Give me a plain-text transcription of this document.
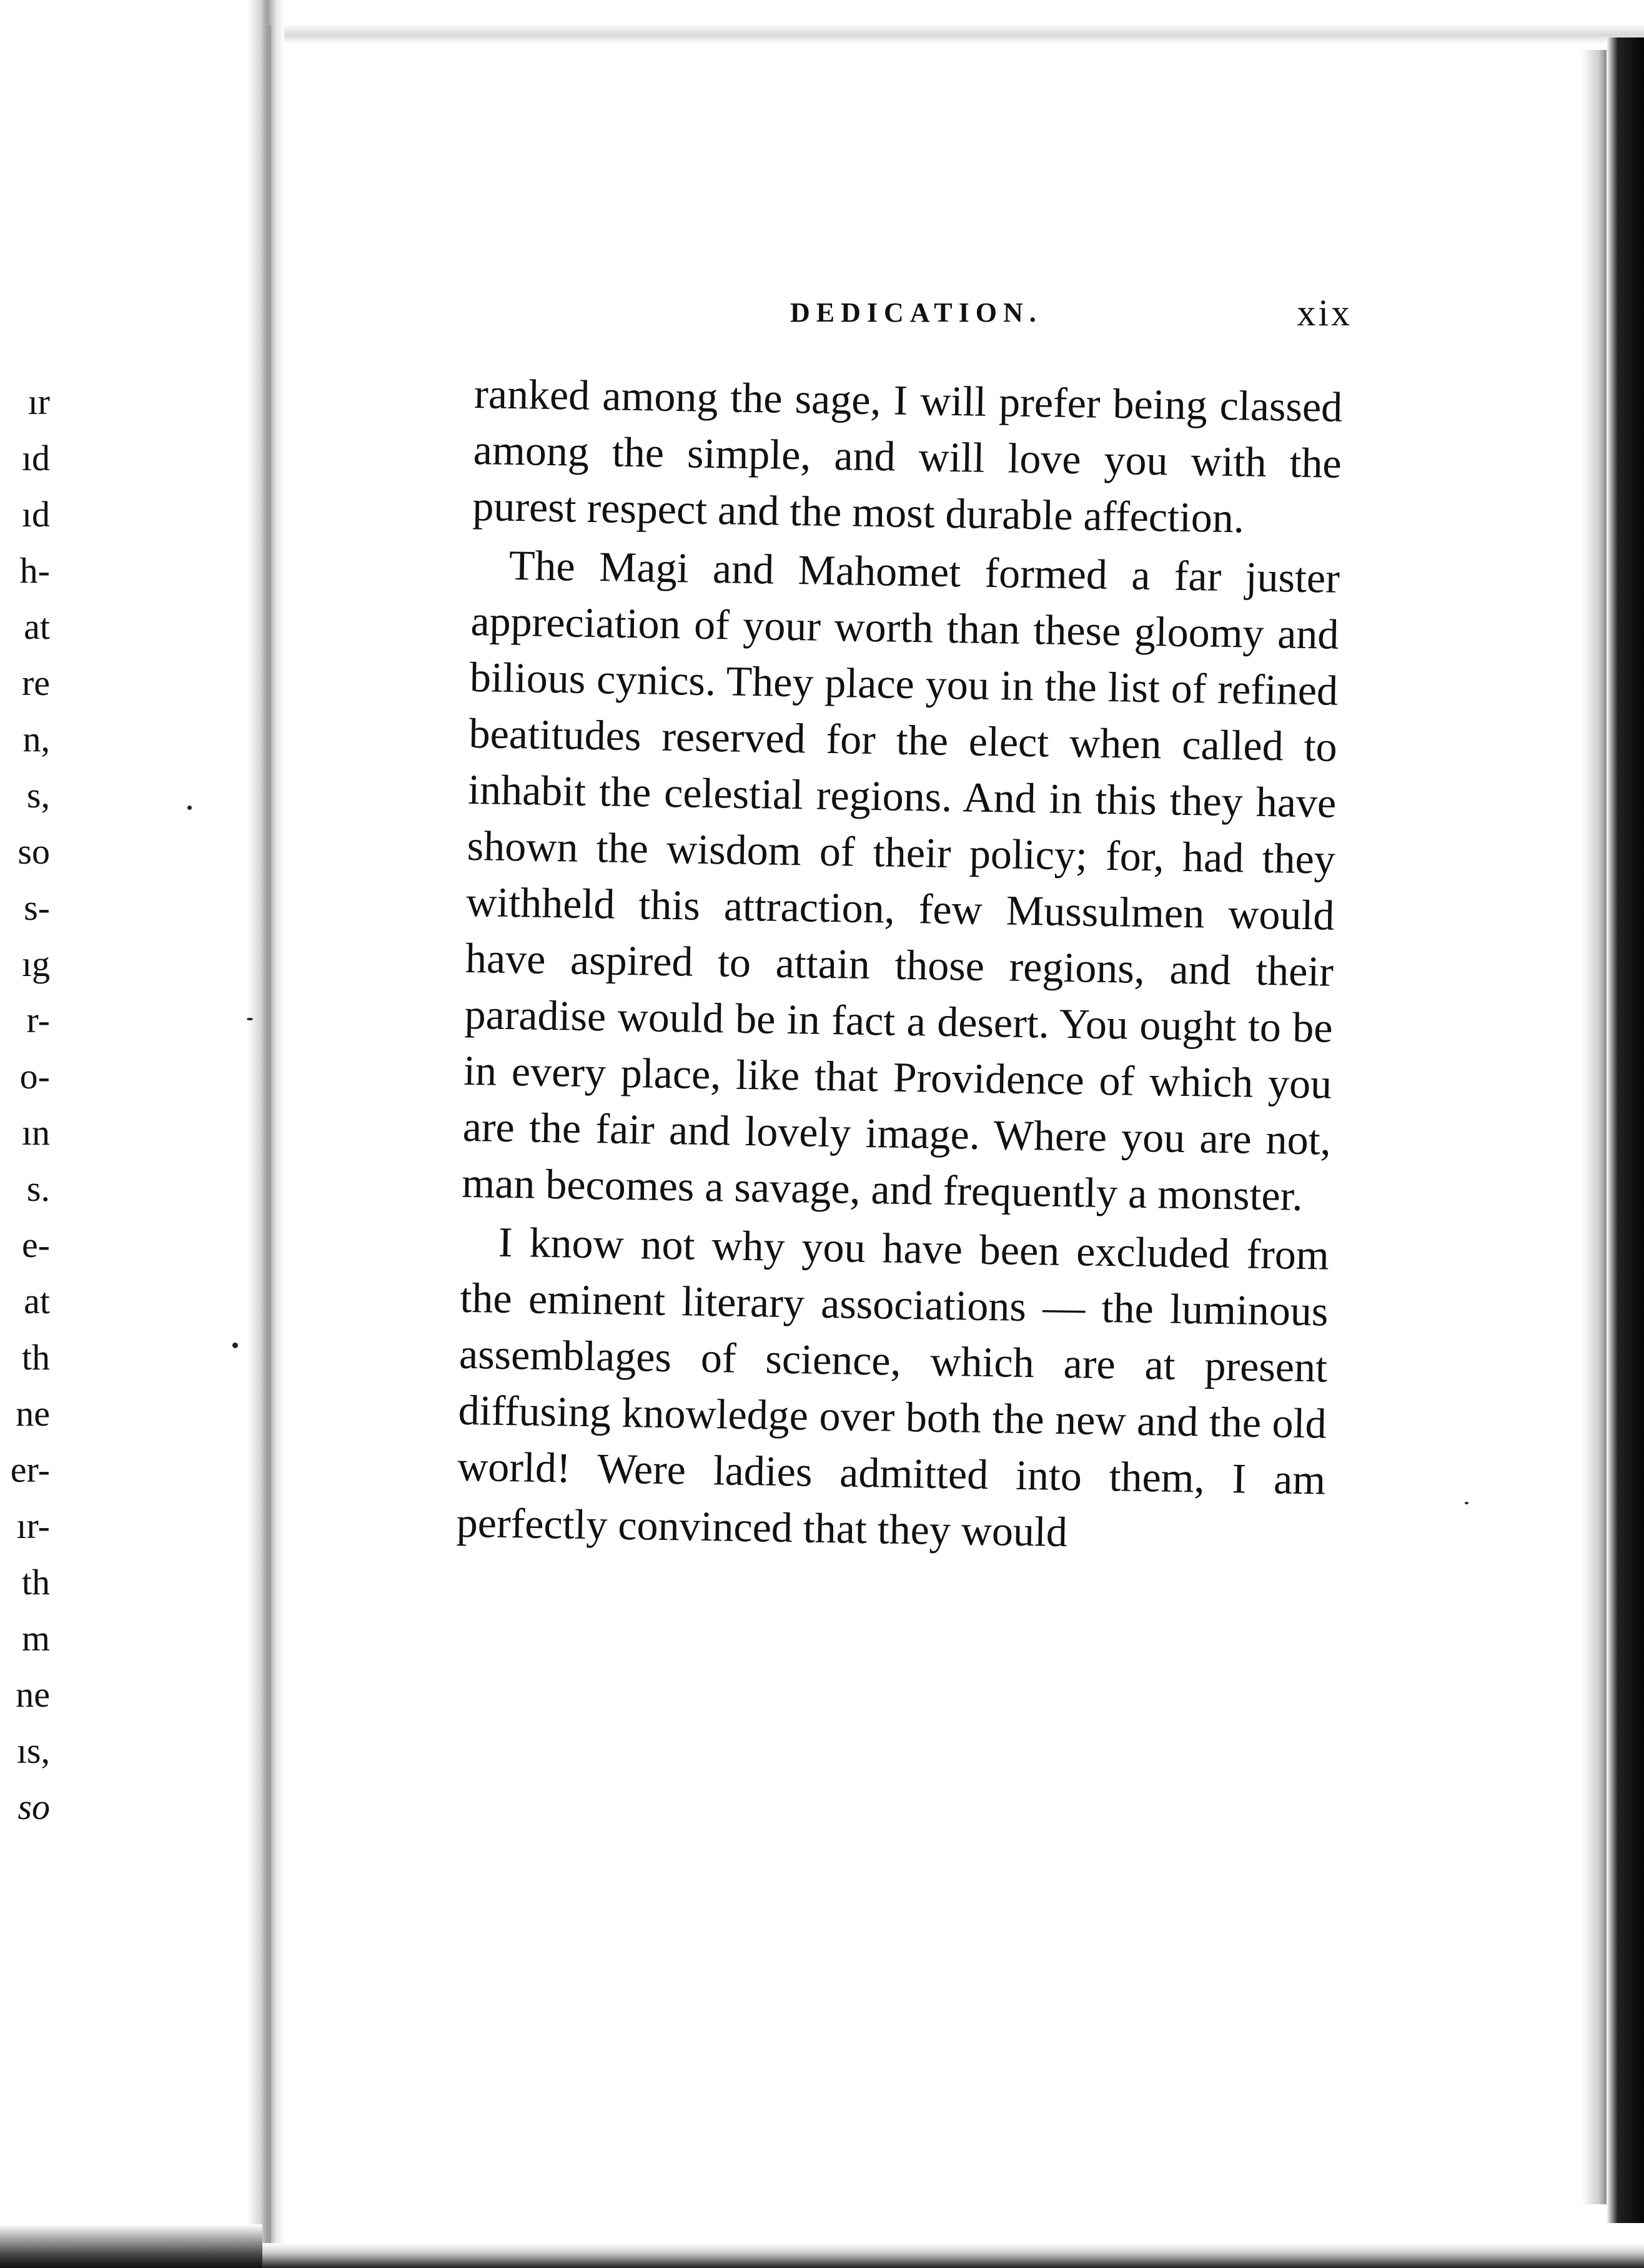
ır
ıd
ıd
h-
at
re
n,
s,
so
s-
ıg
r-
o-
ın
s.
e-
at
th
ne
er-
ır-
th
m
ne
ıs,
so
DEDICATION.	xix

ranked among the sage, I will prefer being classed among the simple, and will love you with the purest respect and the most durable affection.

The Magi and Mahomet formed a far juster appreciation of your worth than these gloomy and bilious cynics. They place you in the list of refined beatitudes reserved for the elect when called to inhabit the celestial regions. And in this they have shown the wisdom of their policy; for, had they withheld this attraction, few Mussulmen would have aspired to attain those regions, and their paradise would be in fact a desert. You ought to be in every place, like that Providence of which you are the fair and lovely image. Where you are not, man becomes a savage, and frequently a monster.

I know not why you have been excluded from the eminent literary associations — the luminous assemblages of science, which are at present diffusing knowledge over both the new and the old world! Were ladies admitted into them, I am perfectly convinced that they would
